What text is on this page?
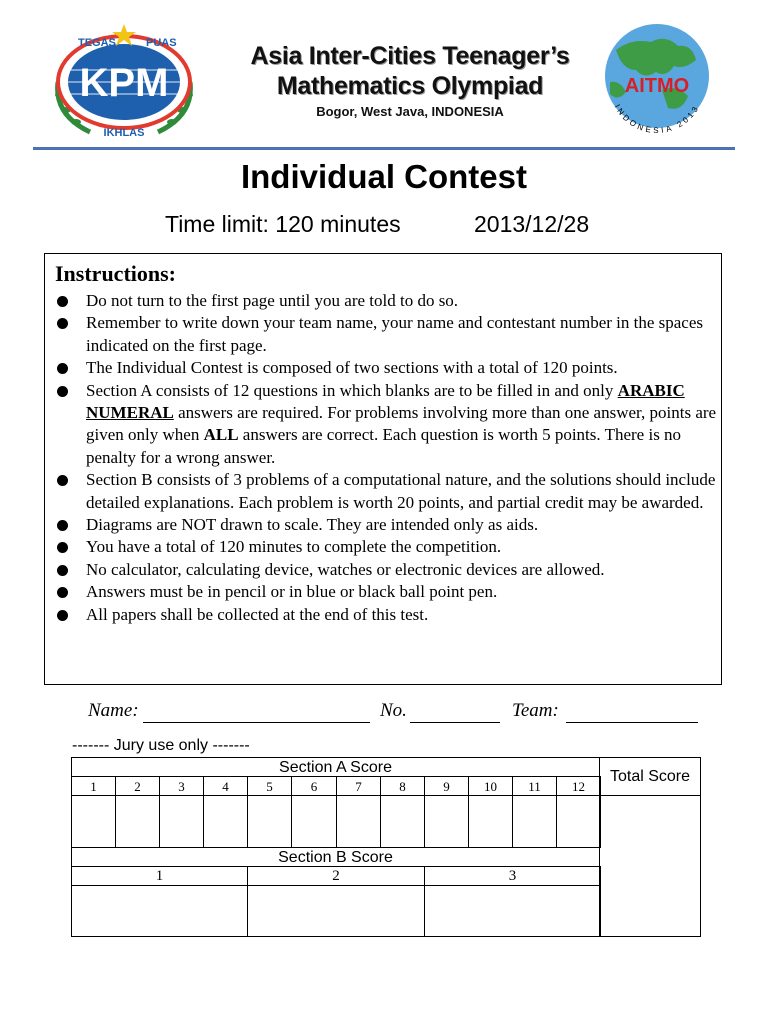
KPM
TEGAS	PUAS
IKHLAS
Asia Inter-Cities Teenager’s
Mathematics Olympiad
Bogor, West Java, INDONESIA
AITMO
INDONESIA 2013
Individual Contest
Time limit: 120 minutes	2013/12/28
Instructions:
Do not turn to the first page until you are told to do so.
Remember to write down your team name, your name and contestant number in the spaces indicated on the first page.
The Individual Contest is composed of two sections with a total of 120 points.
Section A consists of 12 questions in which blanks are to be filled in and only ARABIC NUMERAL answers are required. For problems involving more than one answer, points are given only when ALL answers are correct. Each question is worth 5 points. There is no penalty for a wrong answer.
Section B consists of 3 problems of a computational nature, and the solutions should include detailed explanations. Each problem is worth 20 points, and partial credit may be awarded.
Diagrams are NOT drawn to scale. They are intended only as aids.
You have a total of 120 minutes to complete the competition.
No calculator, calculating device, watches or electronic devices are allowed.
Answers must be in pencil or in blue or black ball point pen.
All papers shall be collected at the end of this test.
Name:	No.	Team:
------- Jury use only -------
Section A Score
Total Score
1	2	3	4	5	6	7	8	9	10	11	12
Section B Score
1	2	3
